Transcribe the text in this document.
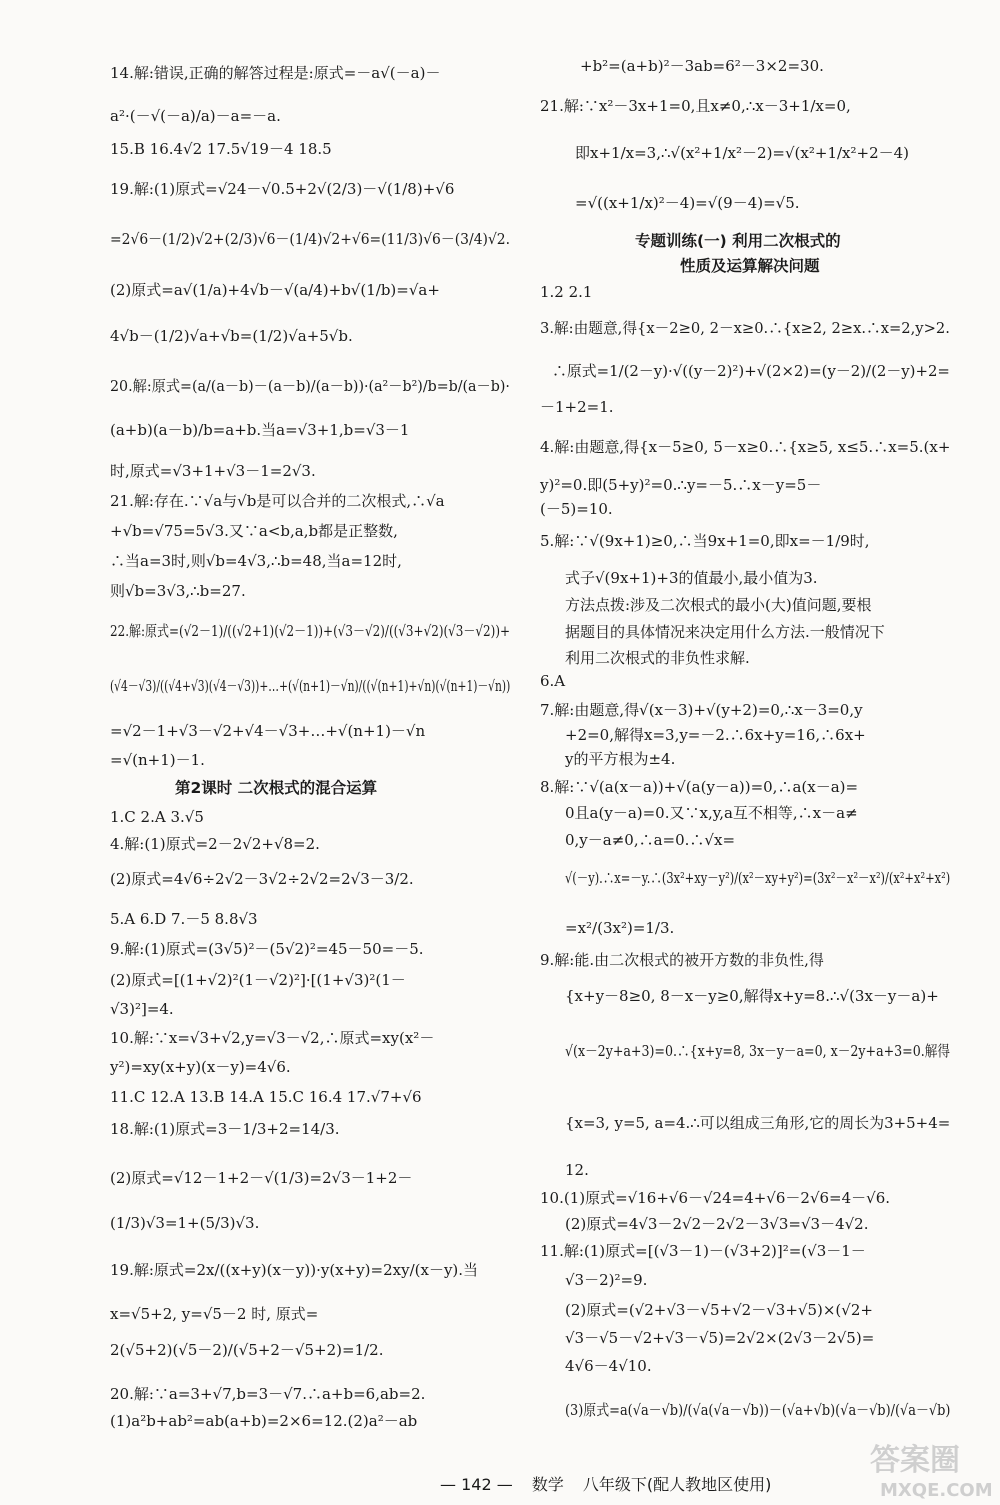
14.解:错误,正确的解答过程是:原式=－a√(－a)－
a²·(－√(－a)/a)－a=－a.
15.B 16.4√2 17.5√19－4 18.5
19.解:(1)原式=√24－√0.5+2√(2/3)－√(1/8)+√6
=2√6－(1/2)√2+(2/3)√6－(1/4)√2+√6=(11/3)√6－(3/4)√2.
(2)原式=a√(1/a)+4√b－√(a/4)+b√(1/b)=√a+
4√b－(1/2)√a+√b=(1/2)√a+5√b.
20.解:原式=(a/(a－b)－(a－b)/(a－b))·(a²－b²)/b=b/(a－b)·
(a+b)(a－b)/b=a+b.当a=√3+1,b=√3－1
时,原式=√3+1+√3－1=2√3.
21.解:存在.∵√a与√b是可以合并的二次根式,∴√a
+√b=√75=5√3.又∵a<b,a,b都是正整数,
∴当a=3时,则√b=4√3,∴b=48,当a=12时,
则√b=3√3,∴b=27.
22.解:原式=(√2－1)/((√2+1)(√2－1))+(√3－√2)/((√3+√2)(√3－√2))+
(√4－√3)/((√4+√3)(√4－√3))+…+(√(n+1)－√n)/((√(n+1)+√n)(√(n+1)－√n))
=√2－1+√3－√2+√4－√3+…+√(n+1)－√n
=√(n+1)－1.
第2课时 二次根式的混合运算
1.C 2.A 3.√5
4.解:(1)原式=2－2√2+√8=2.
(2)原式=4√6÷2√2－3√2÷2√2=2√3－3/2.
5.A 6.D 7.－5 8.8√3
9.解:(1)原式=(3√5)²－(5√2)²=45－50=－5.
(2)原式=[(1+√2)²(1－√2)²]·[(1+√3)²(1－
√3)²]=4.
10.解:∵x=√3+√2,y=√3－√2,∴原式=xy(x²－
y²)=xy(x+y)(x－y)=4√6.
11.C 12.A 13.B 14.A 15.C 16.4 17.√7+√6
18.解:(1)原式=3－1/3+2=14/3.
(2)原式=√12－1+2－√(1/3)=2√3－1+2－
(1/3)√3=1+(5/3)√3.
19.解:原式=2x/((x+y)(x－y))·y(x+y)=2xy/(x－y).当
x=√5+2, y=√5－2 时, 原式=
2(√5+2)(√5－2)/(√5+2－√5+2)=1/2.
20.解:∵a=3+√7,b=3－√7.∴a+b=6,ab=2.
(1)a²b+ab²=ab(a+b)=2×6=12.(2)a²－ab
+b²=(a+b)²－3ab=6²－3×2=30.
21.解:∵x²－3x+1=0,且x≠0,∴x－3+1/x=0,
即x+1/x=3,∴√(x²+1/x²－2)=√(x²+1/x²+2－4)
=√((x+1/x)²－4)=√(9－4)=√5.
专题训练(一) 利用二次根式的
性质及运算解决问题
1.2 2.1
3.解:由题意,得{x－2≥0, 2－x≥0.∴{x≥2, 2≥x.∴x=2,y>2.
∴原式=1/(2－y)·√((y－2)²)+√(2×2)=(y－2)/(2－y)+2=
－1+2=1.
4.解:由题意,得{x－5≥0, 5－x≥0.∴{x≥5, x≤5.∴x=5.(x+
y)²=0.即(5+y)²=0.∴y=－5.∴x－y=5－
(－5)=10.
5.解:∵√(9x+1)≥0,∴当9x+1=0,即x=－1/9时,
式子√(9x+1)+3的值最小,最小值为3.
方法点拨:涉及二次根式的最小(大)值问题,要根
据题目的具体情况来决定用什么方法.一般情况下
利用二次根式的非负性求解.
6.A
7.解:由题意,得√(x－3)+√(y+2)=0,∴x－3=0,y
+2=0,解得x=3,y=－2.∴6x+y=16,∴6x+
y的平方根为±4.
8.解:∵√(a(x－a))+√(a(y－a))=0,∴a(x－a)=
0且a(y－a)=0.又∵x,y,a互不相等,∴x－a≠
0,y－a≠0,∴a=0.∴√x=
√(－y).∴x=－y.∴(3x²+xy－y²)/(x²－xy+y²)=(3x²－x²－x²)/(x²+x²+x²)
=x²/(3x²)=1/3.
9.解:能.由二次根式的被开方数的非负性,得
{x+y－8≥0, 8－x－y≥0,解得x+y=8.∴√(3x－y－a)+
√(x－2y+a+3)=0.∴{x+y=8, 3x－y－a=0, x－2y+a+3=0.解得
{x=3, y=5, a=4.∴可以组成三角形,它的周长为3+5+4=
12.
10.(1)原式=√16+√6－√24=4+√6－2√6=4－√6.
(2)原式=4√3－2√2－2√2－3√3=√3－4√2.
11.解:(1)原式=[(√3－1)－(√3+2)]²=(√3－1－
√3－2)²=9.
(2)原式=(√2+√3－√5+√2－√3+√5)×(√2+
√3－√5－√2+√3－√5)=2√2×(2√3－2√5)=
4√6－4√10.
(3)原式=a(√a－√b)/(√a(√a－√b))－(√a+√b)(√a－√b)/(√a－√b)
— 142 — 数学 八年级下(配人教地区使用)
答案圈
MXQE.COM
